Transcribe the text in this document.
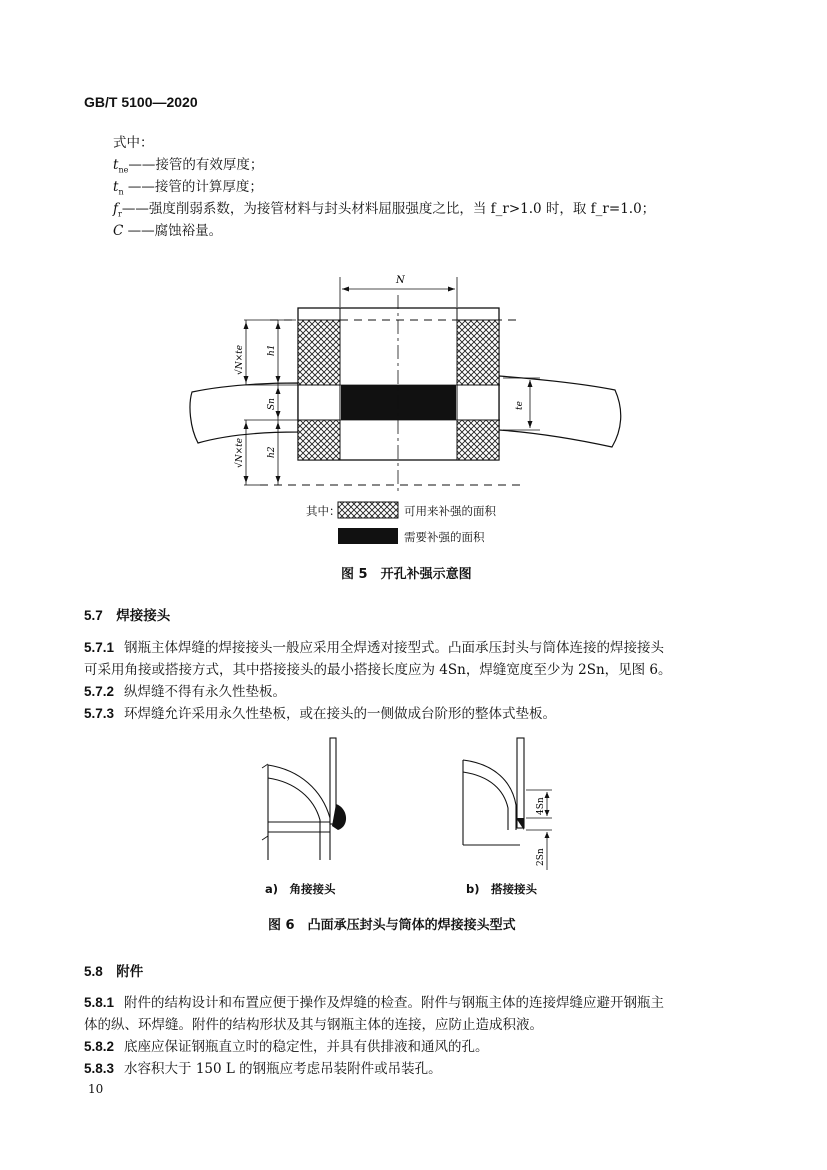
GB/T 5100—2020
式中：
$t_{ne}——$接管的有效厚度；
$t_n$ ——接管的计算厚度；
$f_r——$强度削弱系数，为接管材料与封头材料屈服强度之比，当 f_r>1.0 时，取 f_r=1.0；
C ——腐蚀裕量。
N
h1
Sn
h2
√N×te
√N×te
te
其中：	可用来补强的面积
需要补强的面积
图 5　开孔补强示意图
5.7　焊接接头
5.7.1 钢瓶主体焊缝的焊接接头一般应采用全焊透对接型式。凸面承压封头与筒体连接的焊接接头
可采用角接或搭接方式，其中搭接接头的最小搭接长度应为 4Sn，焊缝宽度至少为 2Sn，见图 6。
5.7.2 纵焊缝不得有永久性垫板。
5.7.3 环焊缝允许采用永久性垫板，或在接头的一侧做成台阶形的整体式垫板。
4Sn
2Sn
a)　角接接头	b)　搭接接头
图 6　凸面承压封头与筒体的焊接接头型式
5.8　附件
5.8.1 附件的结构设计和布置应便于操作及焊缝的检查。附件与钢瓶主体的连接焊缝应避开钢瓶主
体的纵、环焊缝。附件的结构形状及其与钢瓶主体的连接，应防止造成积液。
5.8.2 底座应保证钢瓶直立时的稳定性，并具有供排液和通风的孔。
5.8.3 水容积大于 150 L 的钢瓶应考虑吊装附件或吊装孔。
10
